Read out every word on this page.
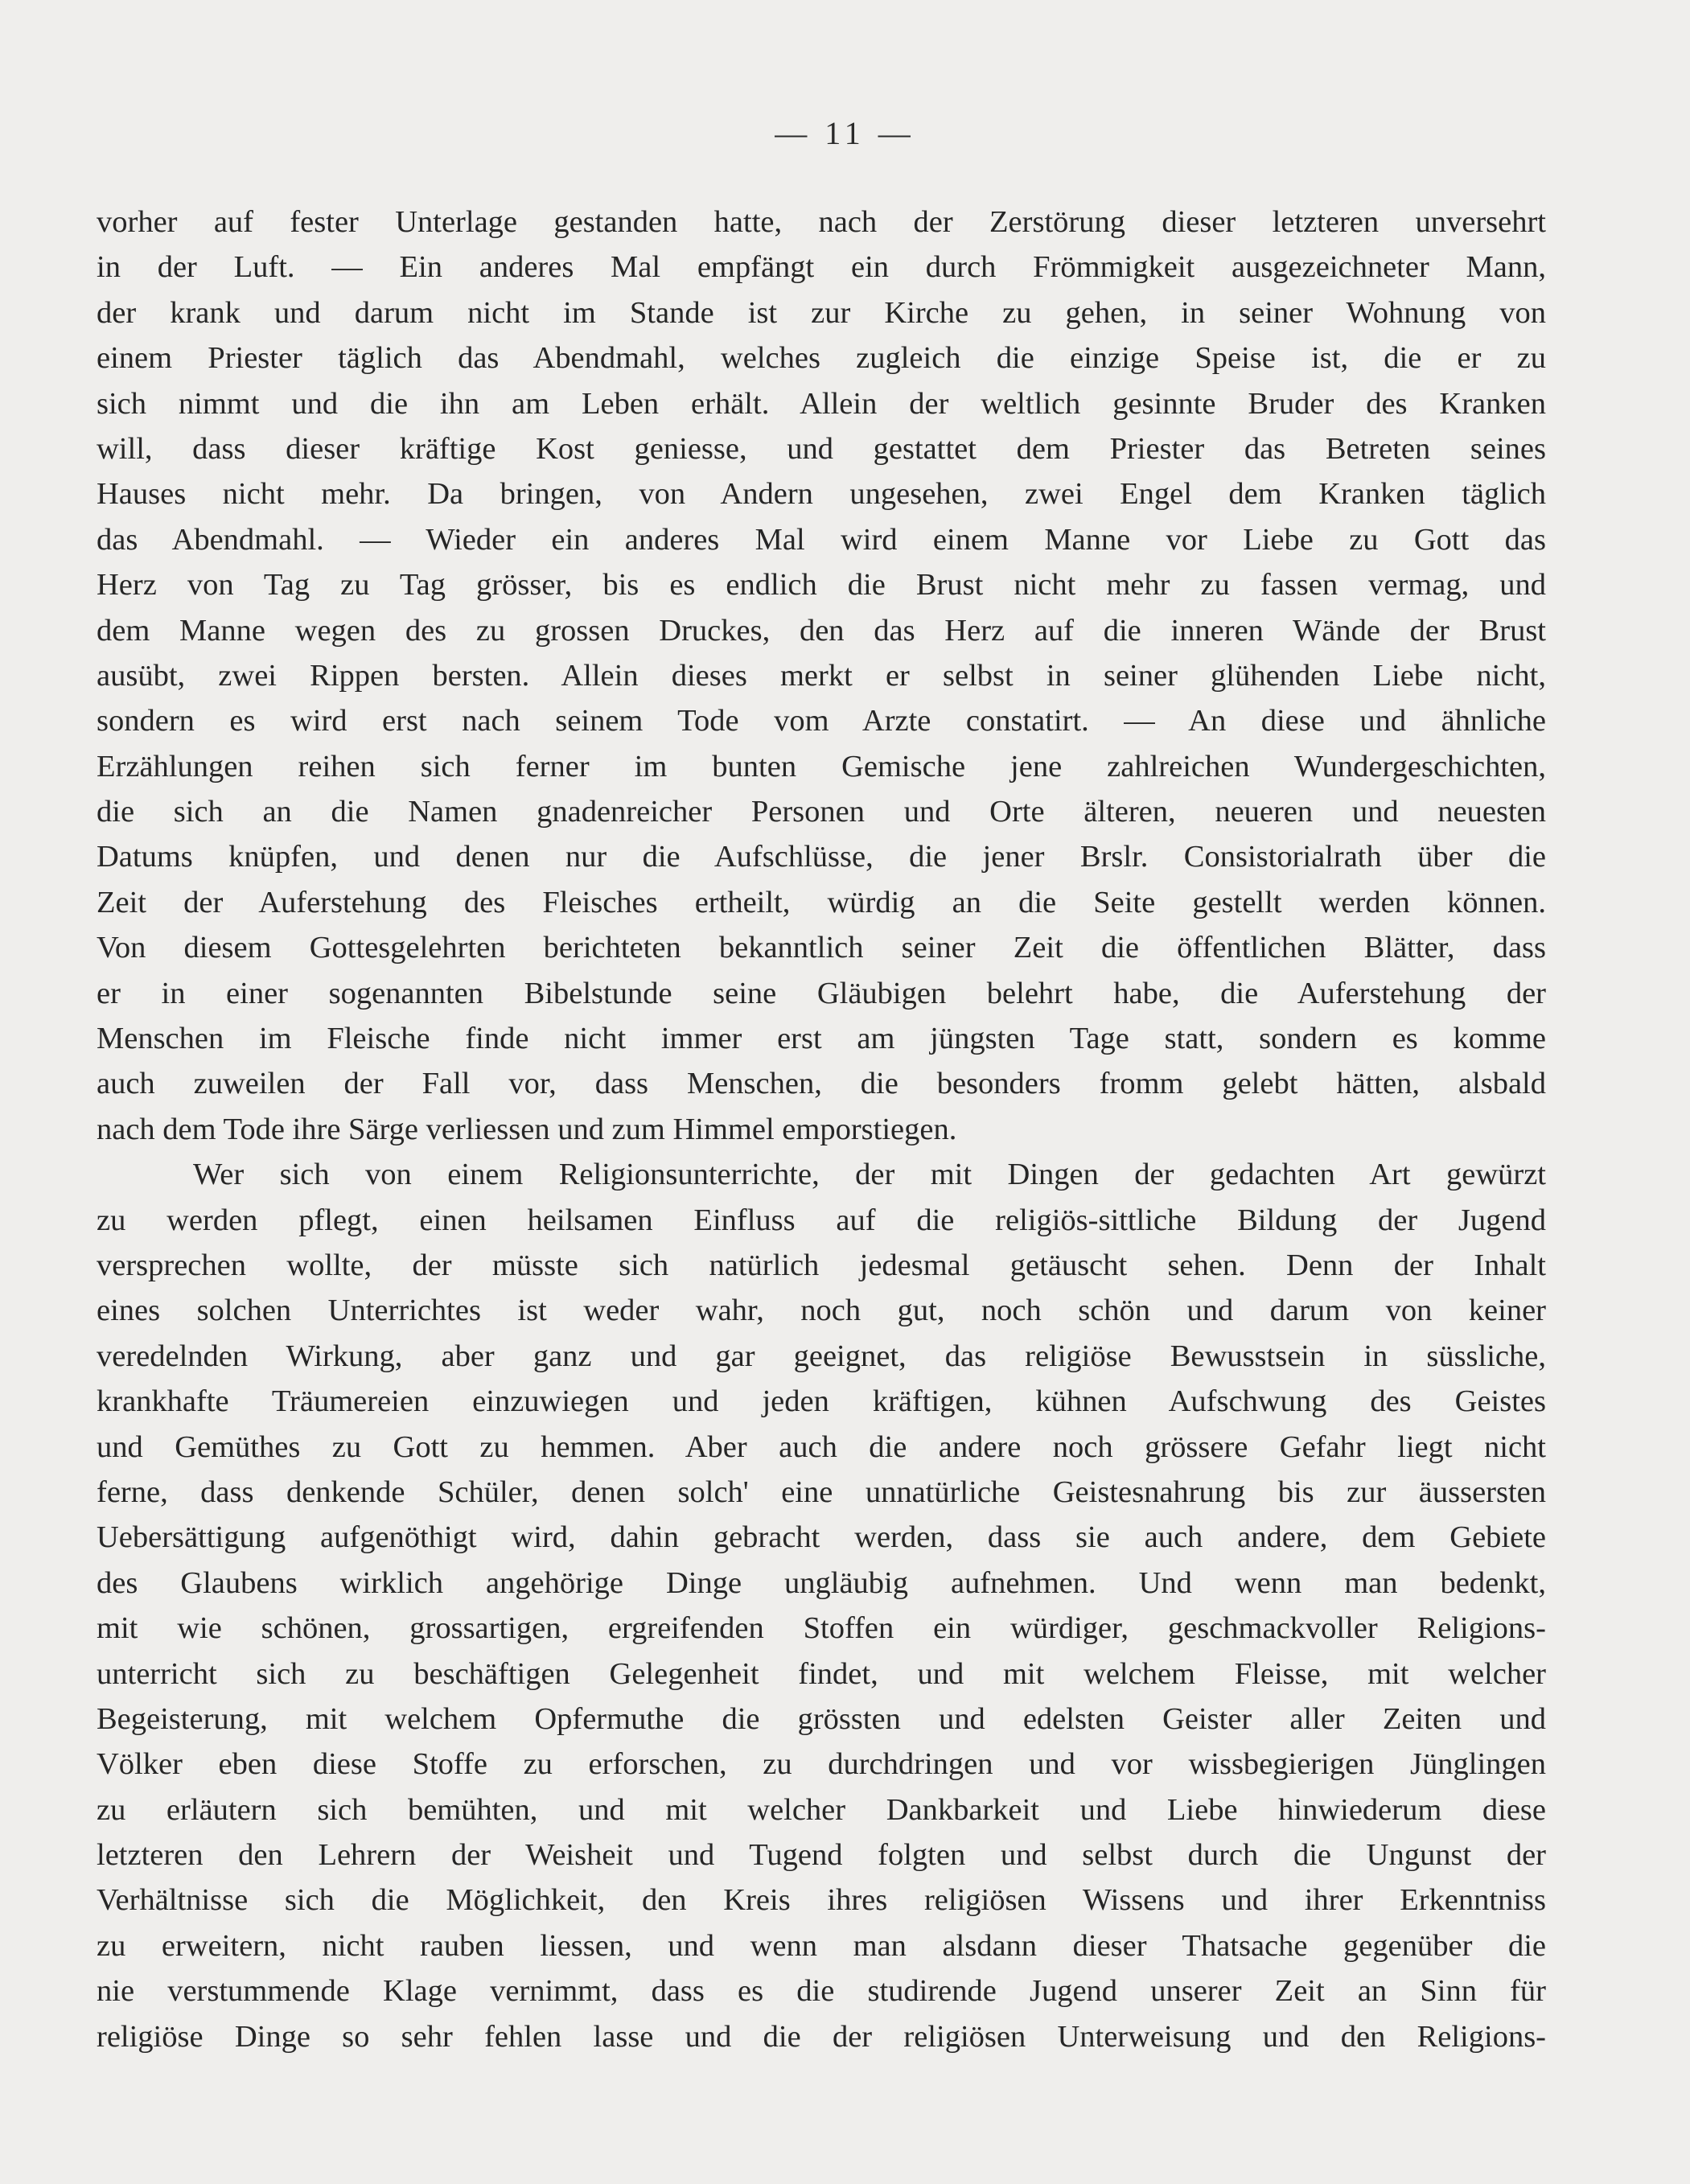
— 11 —
vorher auf fester Unterlage gestanden hatte, nach der Zerstörung dieser letzteren unversehrt
in der Luft. — Ein anderes Mal empfängt ein durch Frömmigkeit ausgezeichneter Mann,
der krank und darum nicht im Stande ist zur Kirche zu gehen, in seiner Wohnung von
einem Priester täglich das Abendmahl, welches zugleich die einzige Speise ist, die er zu
sich nimmt und die ihn am Leben erhält. Allein der weltlich gesinnte Bruder des Kranken
will, dass dieser kräftige Kost geniesse, und gestattet dem Priester das Betreten seines
Hauses nicht mehr. Da bringen, von Andern ungesehen, zwei Engel dem Kranken täglich
das Abendmahl. — Wieder ein anderes Mal wird einem Manne vor Liebe zu Gott das
Herz von Tag zu Tag grösser, bis es endlich die Brust nicht mehr zu fassen vermag, und
dem Manne wegen des zu grossen Druckes, den das Herz auf die inneren Wände der Brust
ausübt, zwei Rippen bersten. Allein dieses merkt er selbst in seiner glühenden Liebe nicht,
sondern es wird erst nach seinem Tode vom Arzte constatirt. — An diese und ähnliche
Erzählungen reihen sich ferner im bunten Gemische jene zahlreichen Wundergeschichten,
die sich an die Namen gnadenreicher Personen und Orte älteren, neueren und neuesten
Datums knüpfen, und denen nur die Aufschlüsse, die jener Brslr. Consistorialrath über die
Zeit der Auferstehung des Fleisches ertheilt, würdig an die Seite gestellt werden können.
Von diesem Gottesgelehrten berichteten bekanntlich seiner Zeit die öffentlichen Blätter, dass
er in einer sogenannten Bibelstunde seine Gläubigen belehrt habe, die Auferstehung der
Menschen im Fleische finde nicht immer erst am jüngsten Tage statt, sondern es komme
auch zuweilen der Fall vor, dass Menschen, die besonders fromm gelebt hätten, alsbald
nach dem Tode ihre Särge verliessen und zum Himmel emporstiegen.
Wer sich von einem Religionsunterrichte, der mit Dingen der gedachten Art gewürzt
zu werden pflegt, einen heilsamen Einfluss auf die religiös-sittliche Bildung der Jugend
versprechen wollte, der müsste sich natürlich jedesmal getäuscht sehen. Denn der Inhalt
eines solchen Unterrichtes ist weder wahr, noch gut, noch schön und darum von keiner
veredelnden Wirkung, aber ganz und gar geeignet, das religiöse Bewusstsein in süssliche,
krankhafte Träumereien einzuwiegen und jeden kräftigen, kühnen Aufschwung des Geistes
und Gemüthes zu Gott zu hemmen. Aber auch die andere noch grössere Gefahr liegt nicht
ferne, dass denkende Schüler, denen solch' eine unnatürliche Geistesnahrung bis zur äussersten
Uebersättigung aufgenöthigt wird, dahin gebracht werden, dass sie auch andere, dem Gebiete
des Glaubens wirklich angehörige Dinge ungläubig aufnehmen. Und wenn man bedenkt,
mit wie schönen, grossartigen, ergreifenden Stoffen ein würdiger, geschmackvoller Religions-
unterricht sich zu beschäftigen Gelegenheit findet, und mit welchem Fleisse, mit welcher
Begeisterung, mit welchem Opfermuthe die grössten und edelsten Geister aller Zeiten und
Völker eben diese Stoffe zu erforschen, zu durchdringen und vor wissbegierigen Jünglingen
zu erläutern sich bemühten, und mit welcher Dankbarkeit und Liebe hinwiederum diese
letzteren den Lehrern der Weisheit und Tugend folgten und selbst durch die Ungunst der
Verhältnisse sich die Möglichkeit, den Kreis ihres religiösen Wissens und ihrer Erkenntniss
zu erweitern, nicht rauben liessen, und wenn man alsdann dieser Thatsache gegenüber die
nie verstummende Klage vernimmt, dass es die studirende Jugend unserer Zeit an Sinn für
religiöse Dinge so sehr fehlen lasse und die der religiösen Unterweisung und den Religions-
